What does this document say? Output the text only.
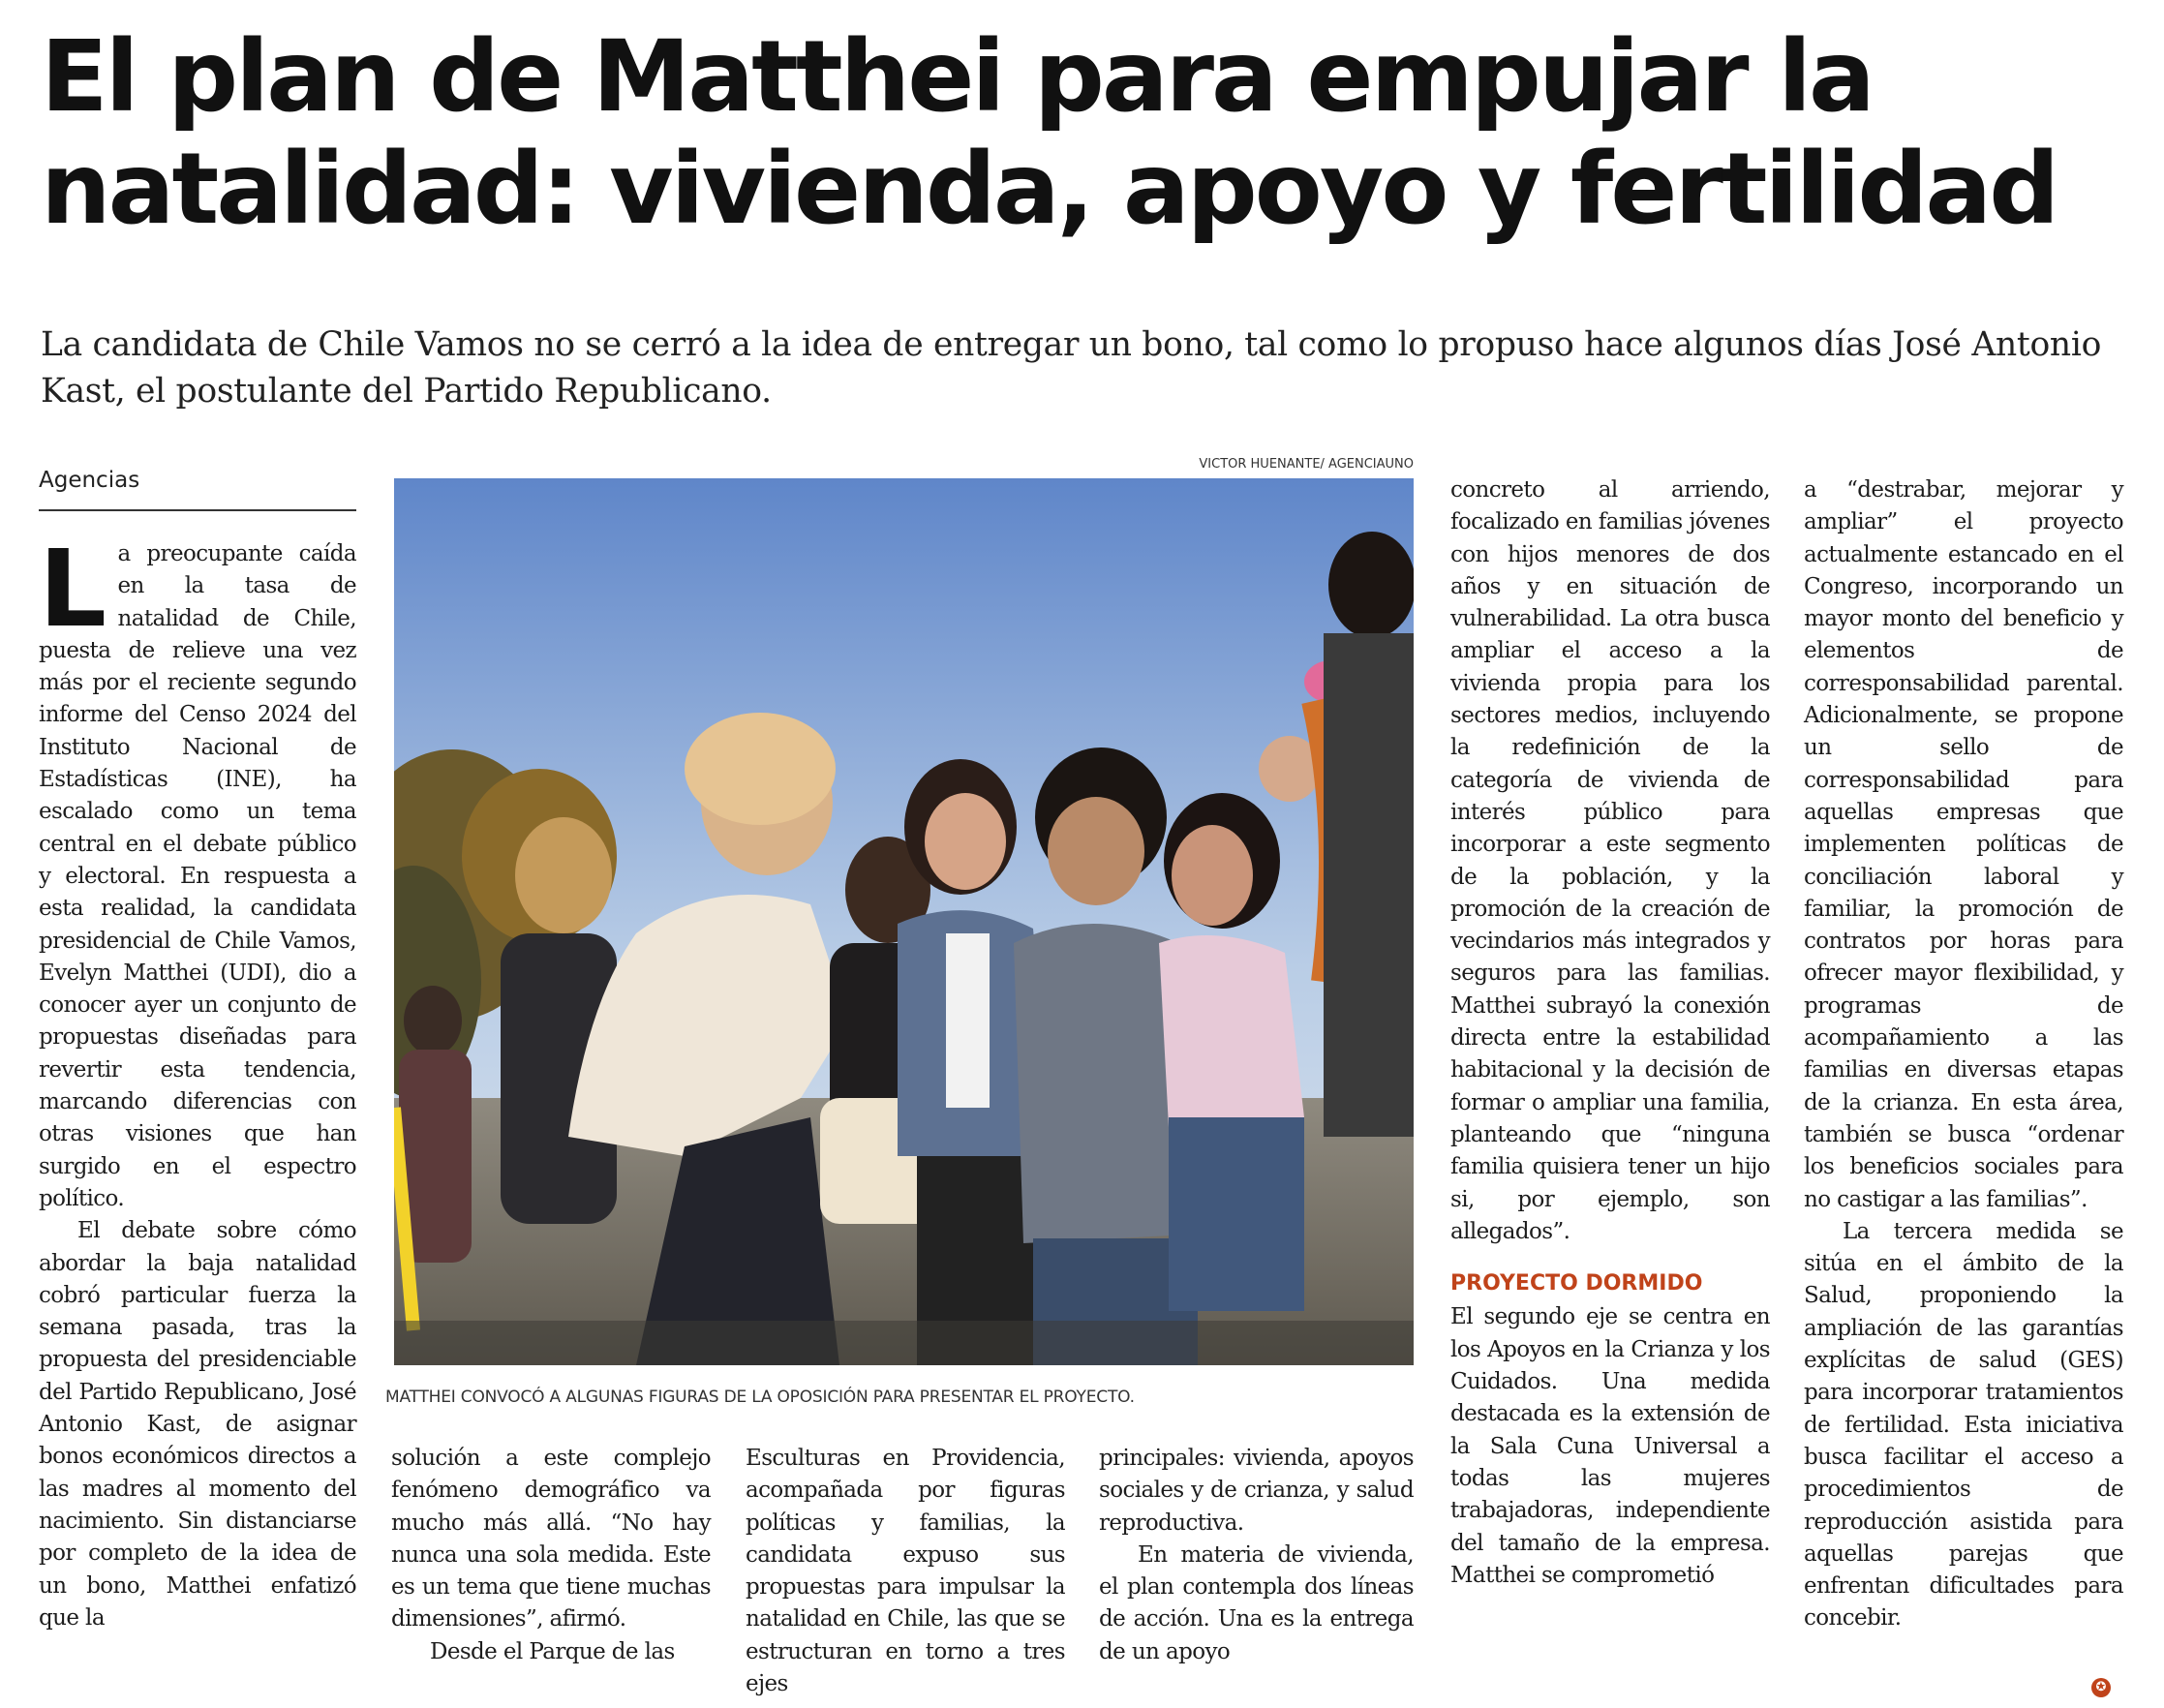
El plan de Matthei para empujar la
natalidad: vivienda, apoyo y fertilidad
La candidata de Chile Vamos no se cerró a la idea de entregar un bono, tal como lo propuso hace algunos días José Antonio Kast, el postulante del Partido Republicano.
Agencias
VICTOR HUENANTE/ AGENCIAUNO
MATTHEI CONVOCÓ A ALGUNAS FIGURAS DE LA OPOSICIÓN PARA PRESENTAR EL PROYECTO.

La preocupante caída en la tasa de natalidad de Chile, puesta de relieve una vez más por el reciente segundo informe del Censo 2024 del Instituto Nacional de Estadísticas (INE), ha escalado como un tema central en el debate público y electoral. En respuesta a esta realidad, la candidata presidencial de Chile Vamos, Evelyn Matthei (UDI), dio a conocer ayer un conjunto de propuestas diseñadas para revertir esta tendencia, marcando diferencias con otras visiones que han surgido en el espectro político.

El debate sobre cómo abordar la baja natalidad cobró particular fuerza la semana pasada, tras la propuesta del presidenciable del Partido Republicano, José Antonio Kast, de asignar bonos económicos directos a las madres al momento del nacimiento. Sin distanciarse por completo de la idea de un bono, Matthei enfatizó que la

solución a este complejo fenómeno demográfico va mucho más allá. “No hay nunca una sola medida. Este es un tema que tiene muchas dimensiones”, afirmó.

Desde el Parque de las

Esculturas en Providencia, acompañada por figuras políticas y familias, la candidata expuso sus propuestas para impulsar la natalidad en Chile, las que se estructuran en torno a tres ejes

principales: vivienda, apoyos sociales y de crianza, y salud reproductiva.

En materia de vivienda, el plan contempla dos líneas de acción. Una es la entrega de un apoyo

concreto al arriendo, focalizado en familias jóvenes con hijos menores de dos años y en situación de vulnerabilidad. La otra busca ampliar el acceso a la vivienda propia para los sectores medios, incluyendo la redefinición de la categoría de vivienda de interés público para incorporar a este segmento de la población, y la promoción de la creación de vecindarios más integrados y seguros para las familias. Matthei subrayó la conexión directa entre la estabilidad habitacional y la decisión de formar o ampliar una familia, planteando que “ninguna familia quisiera tener un hijo si, por ejemplo, son allegados”.

PROYECTO DORMIDO

El segundo eje se centra en los Apoyos en la Crianza y los Cuidados. Una medida destacada es la extensión de la Sala Cuna Universal a todas las mujeres trabajadoras, independiente del tamaño de la empresa. Matthei se comprometió

a “destrabar, mejorar y ampliar” el proyecto actualmente estancado en el Congreso, incorporando un mayor monto del beneficio y elementos de corresponsabilidad parental. Adicionalmente, se propone un sello de corresponsabilidad para aquellas empresas que implementen políticas de conciliación laboral y familiar, la promoción de contratos por horas para ofrecer mayor flexibilidad, y programas de acompañamiento a las familias en diversas etapas de la crianza. En esta área, también se busca “ordenar los beneficios sociales para no castigar a las familias”.

La tercera medida se sitúa en el ámbito de la Salud, proponiendo la ampliación de las garantías explícitas de salud (GES) para incorporar tratamientos de fertilidad. Esta iniciativa busca facilitar el acceso a procedimientos de reproducción asistida para aquellas parejas que enfrentan dificultades para concebir.

✪
